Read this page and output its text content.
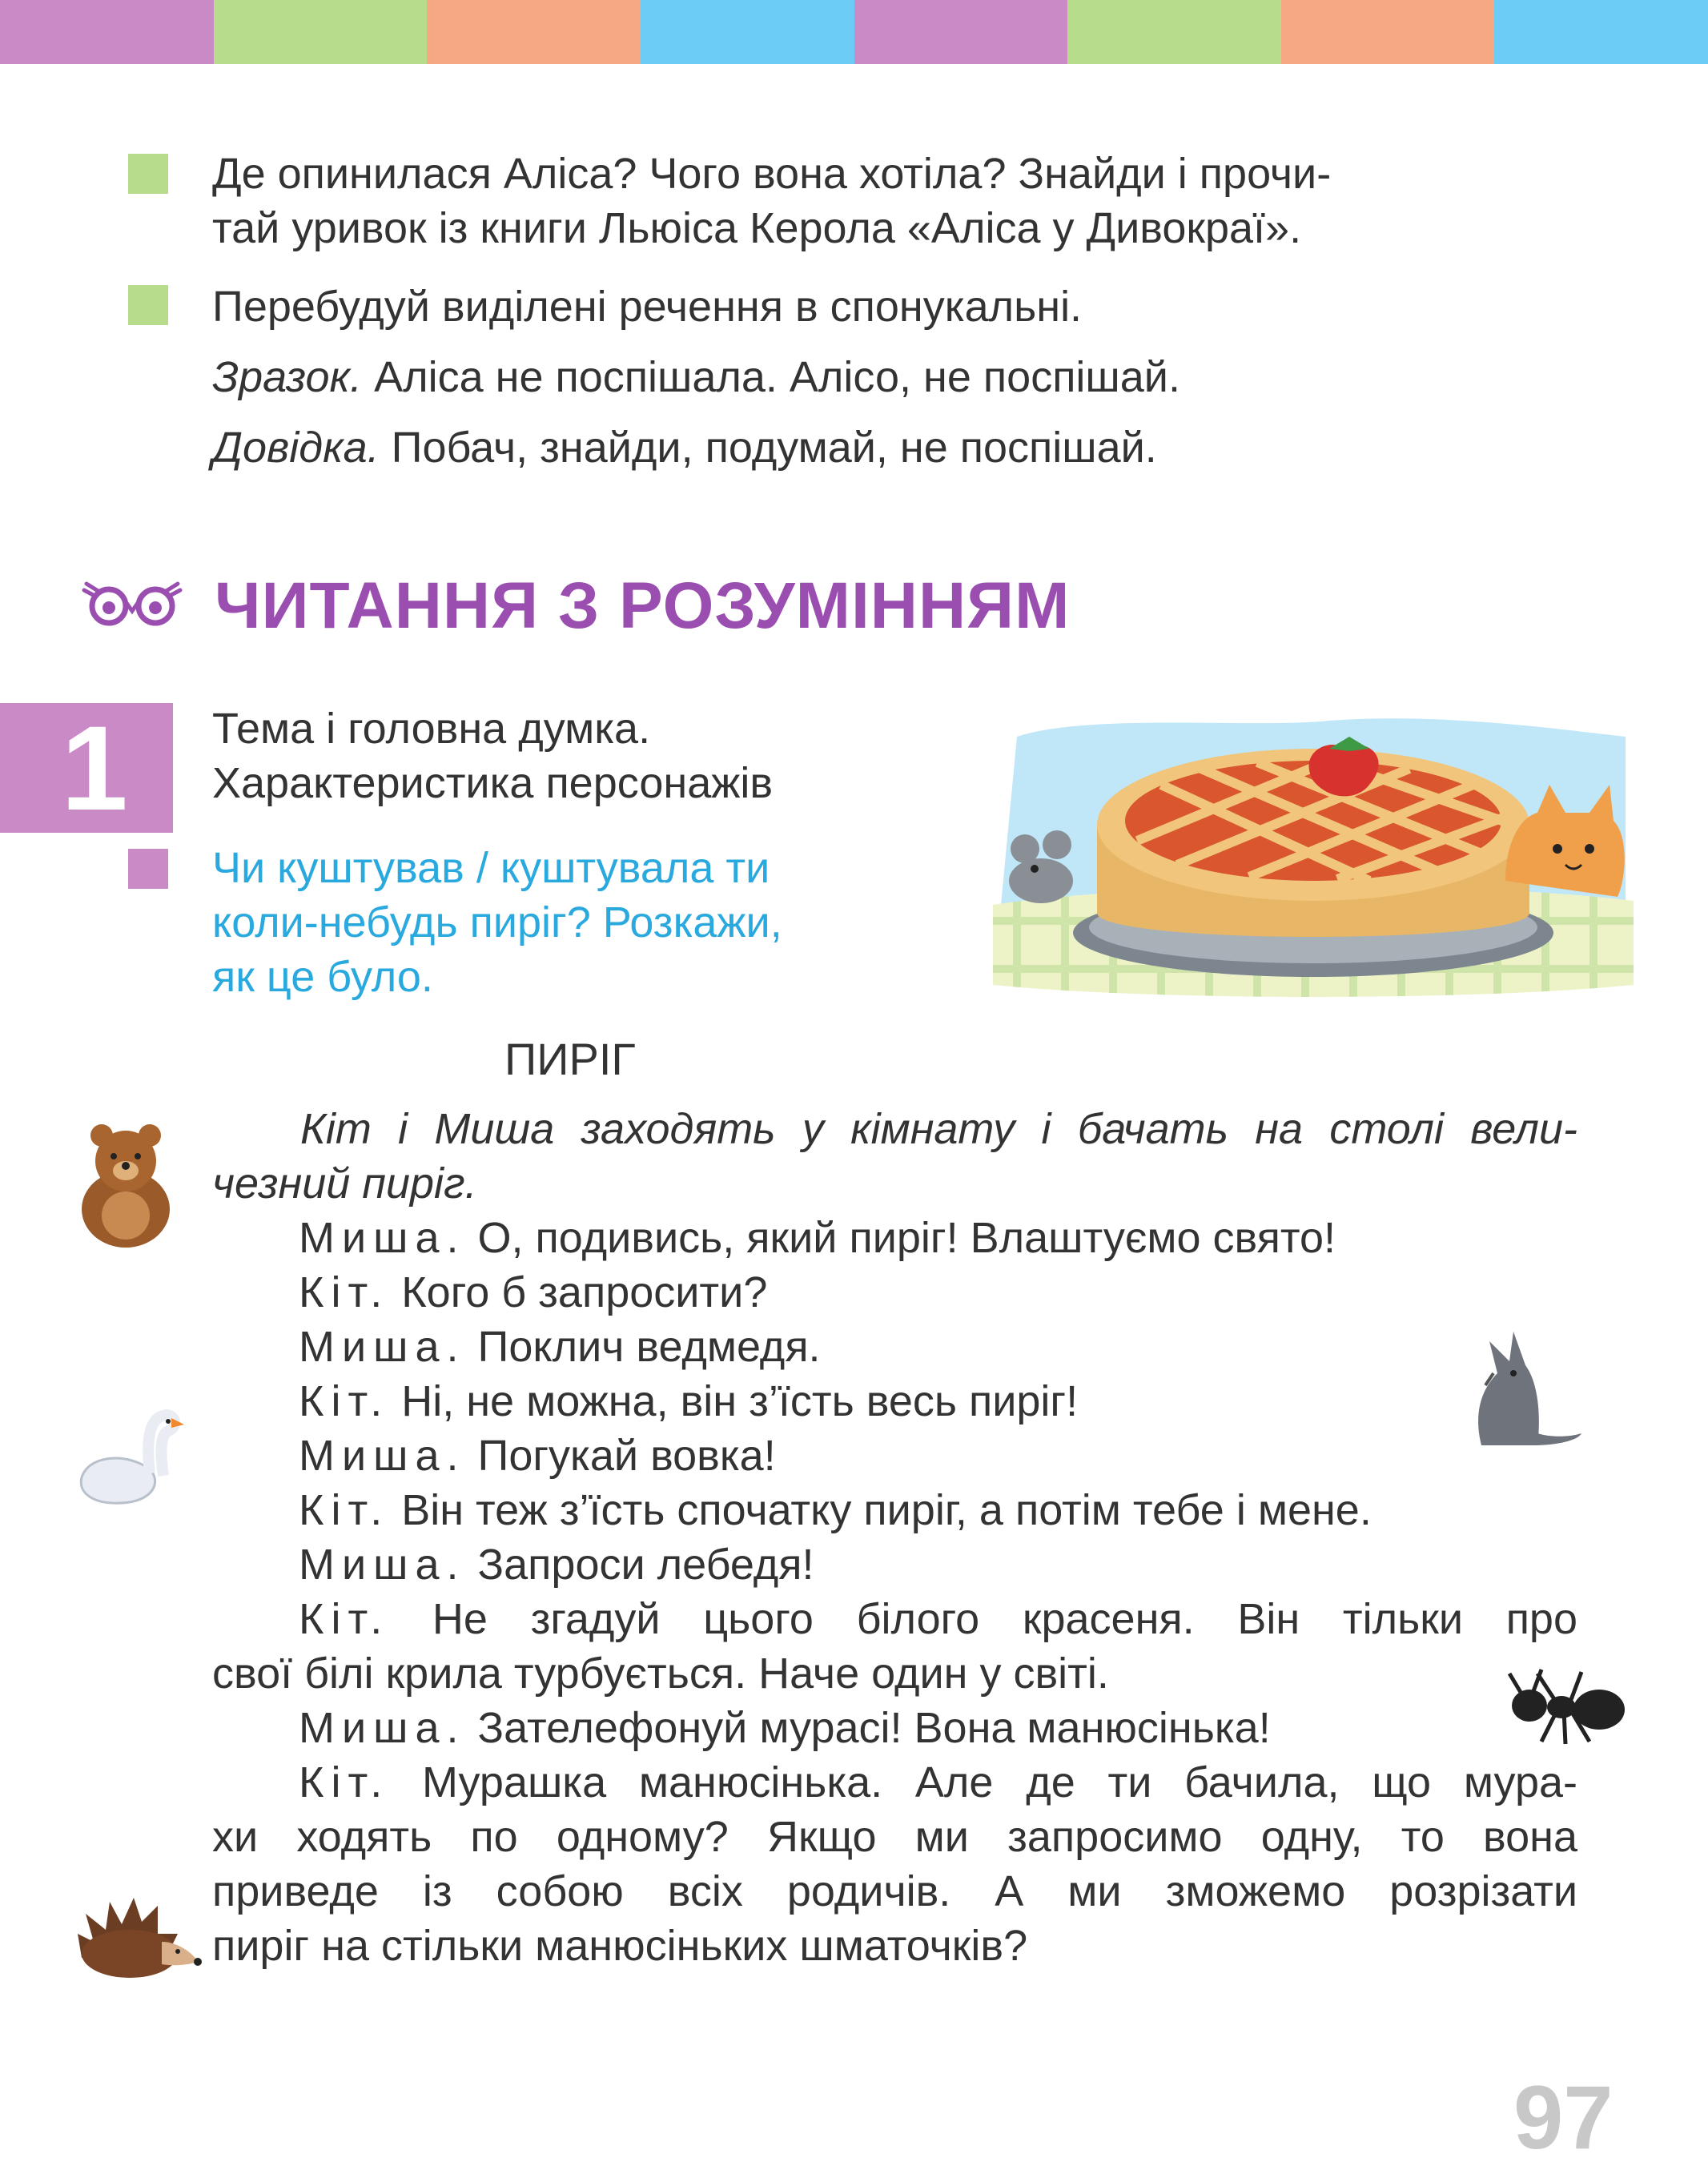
Де опинилася Аліса? Чого вона хотіла? Знайди і прочи-
тай уривок із книги Льюіса Керола «Аліса у Дивокраї».
Перебудуй виділені речення в спонукальні.
Зразок. Аліса не поспішала. Алісо, не поспішай.
Довідка. Побач, знайди, подумай, не поспішай.
ЧИТАННЯ З РОЗУМІННЯМ
1	Тема і головна думка.
Характеристика персонажів
Чи куштував / куштувала ти
коли-небудь пиріг? Розкажи,
як це було.
ПИРІГ
Кіт і Миша заходять у кімнату і бачать на столі вели-
чезний пиріг.
Миша. О, подивись, який пиріг! Влаштуємо свято!
Кіт. Кого б запросити?
Миша. Поклич ведмедя.
Кіт. Ні, не можна, він з’їсть весь пиріг!
Миша. Погукай вовка!
Кіт. Він теж з’їсть спочатку пиріг, а потім тебе і мене.
Миша. Запроси лебедя!
Кіт. Не згадуй цього білого красеня. Він тільки про
свої білі крила турбується. Наче один у світі.
Миша. Зателефонуй мурасі! Вона манюсінька!
Кіт. Мурашка манюсінька. Але де ти бачила, що мура-
хи ходять по одному? Якщо ми запросимо одну, то вона
приведе із собою всіх родичів. А ми зможемо розрізати
пиріг на стільки манюсіньких шматочків?
97
